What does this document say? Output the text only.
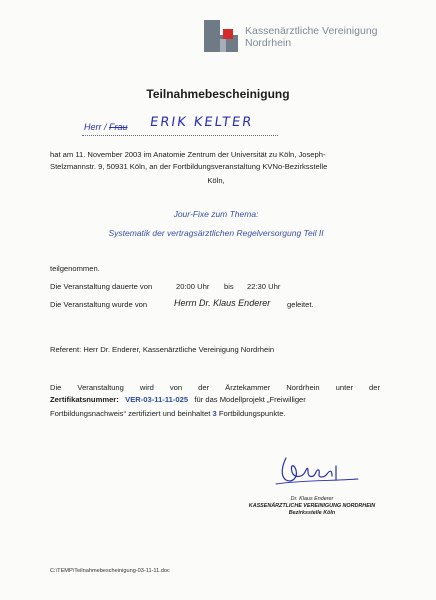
Kassenärztliche Vereinigung
Nordrhein
Teilnahmebescheinigung
Herr / Frau ERIK KELTER
hat am 11. November 2003 im Anatomie Zentrum der Universität zu Köln, Joseph-
Stelzmannstr. 9, 50931 Köln, an der Fortbildungsveranstaltung KVNo-Bezirksstelle
Köln,
Jour-Fixe zum Thema:
Systematik der vertragsärztlichen Regelversorgung Teil II
teilgenommen.
Die Veranstaltung dauerte von	20:00 Uhr bis 22:30 Uhr
Die Veranstaltung wurde von	Herrn Dr. Klaus Enderer geleitet.
Referent: Herr Dr. Enderer, Kassenärztliche Vereinigung Nordrhein
Die Veranstaltung wird von der Ärztekammer Nordrhein unter der
Zertifikatsnummer: VER-03-11-11-025 für das Modellprojekt „Freiwilliger
Fortbildungsnachweis“ zertifiziert und beinhaltet 3 Fortbildungspunkte.
Dr. Klaus Enderer
KASSENÄRZTLICHE VEREINIGUNG NORDRHEIN
Bezirksstelle Köln
C:\TEMP\Teilnahmebescheinigung-03-11-11.doc
